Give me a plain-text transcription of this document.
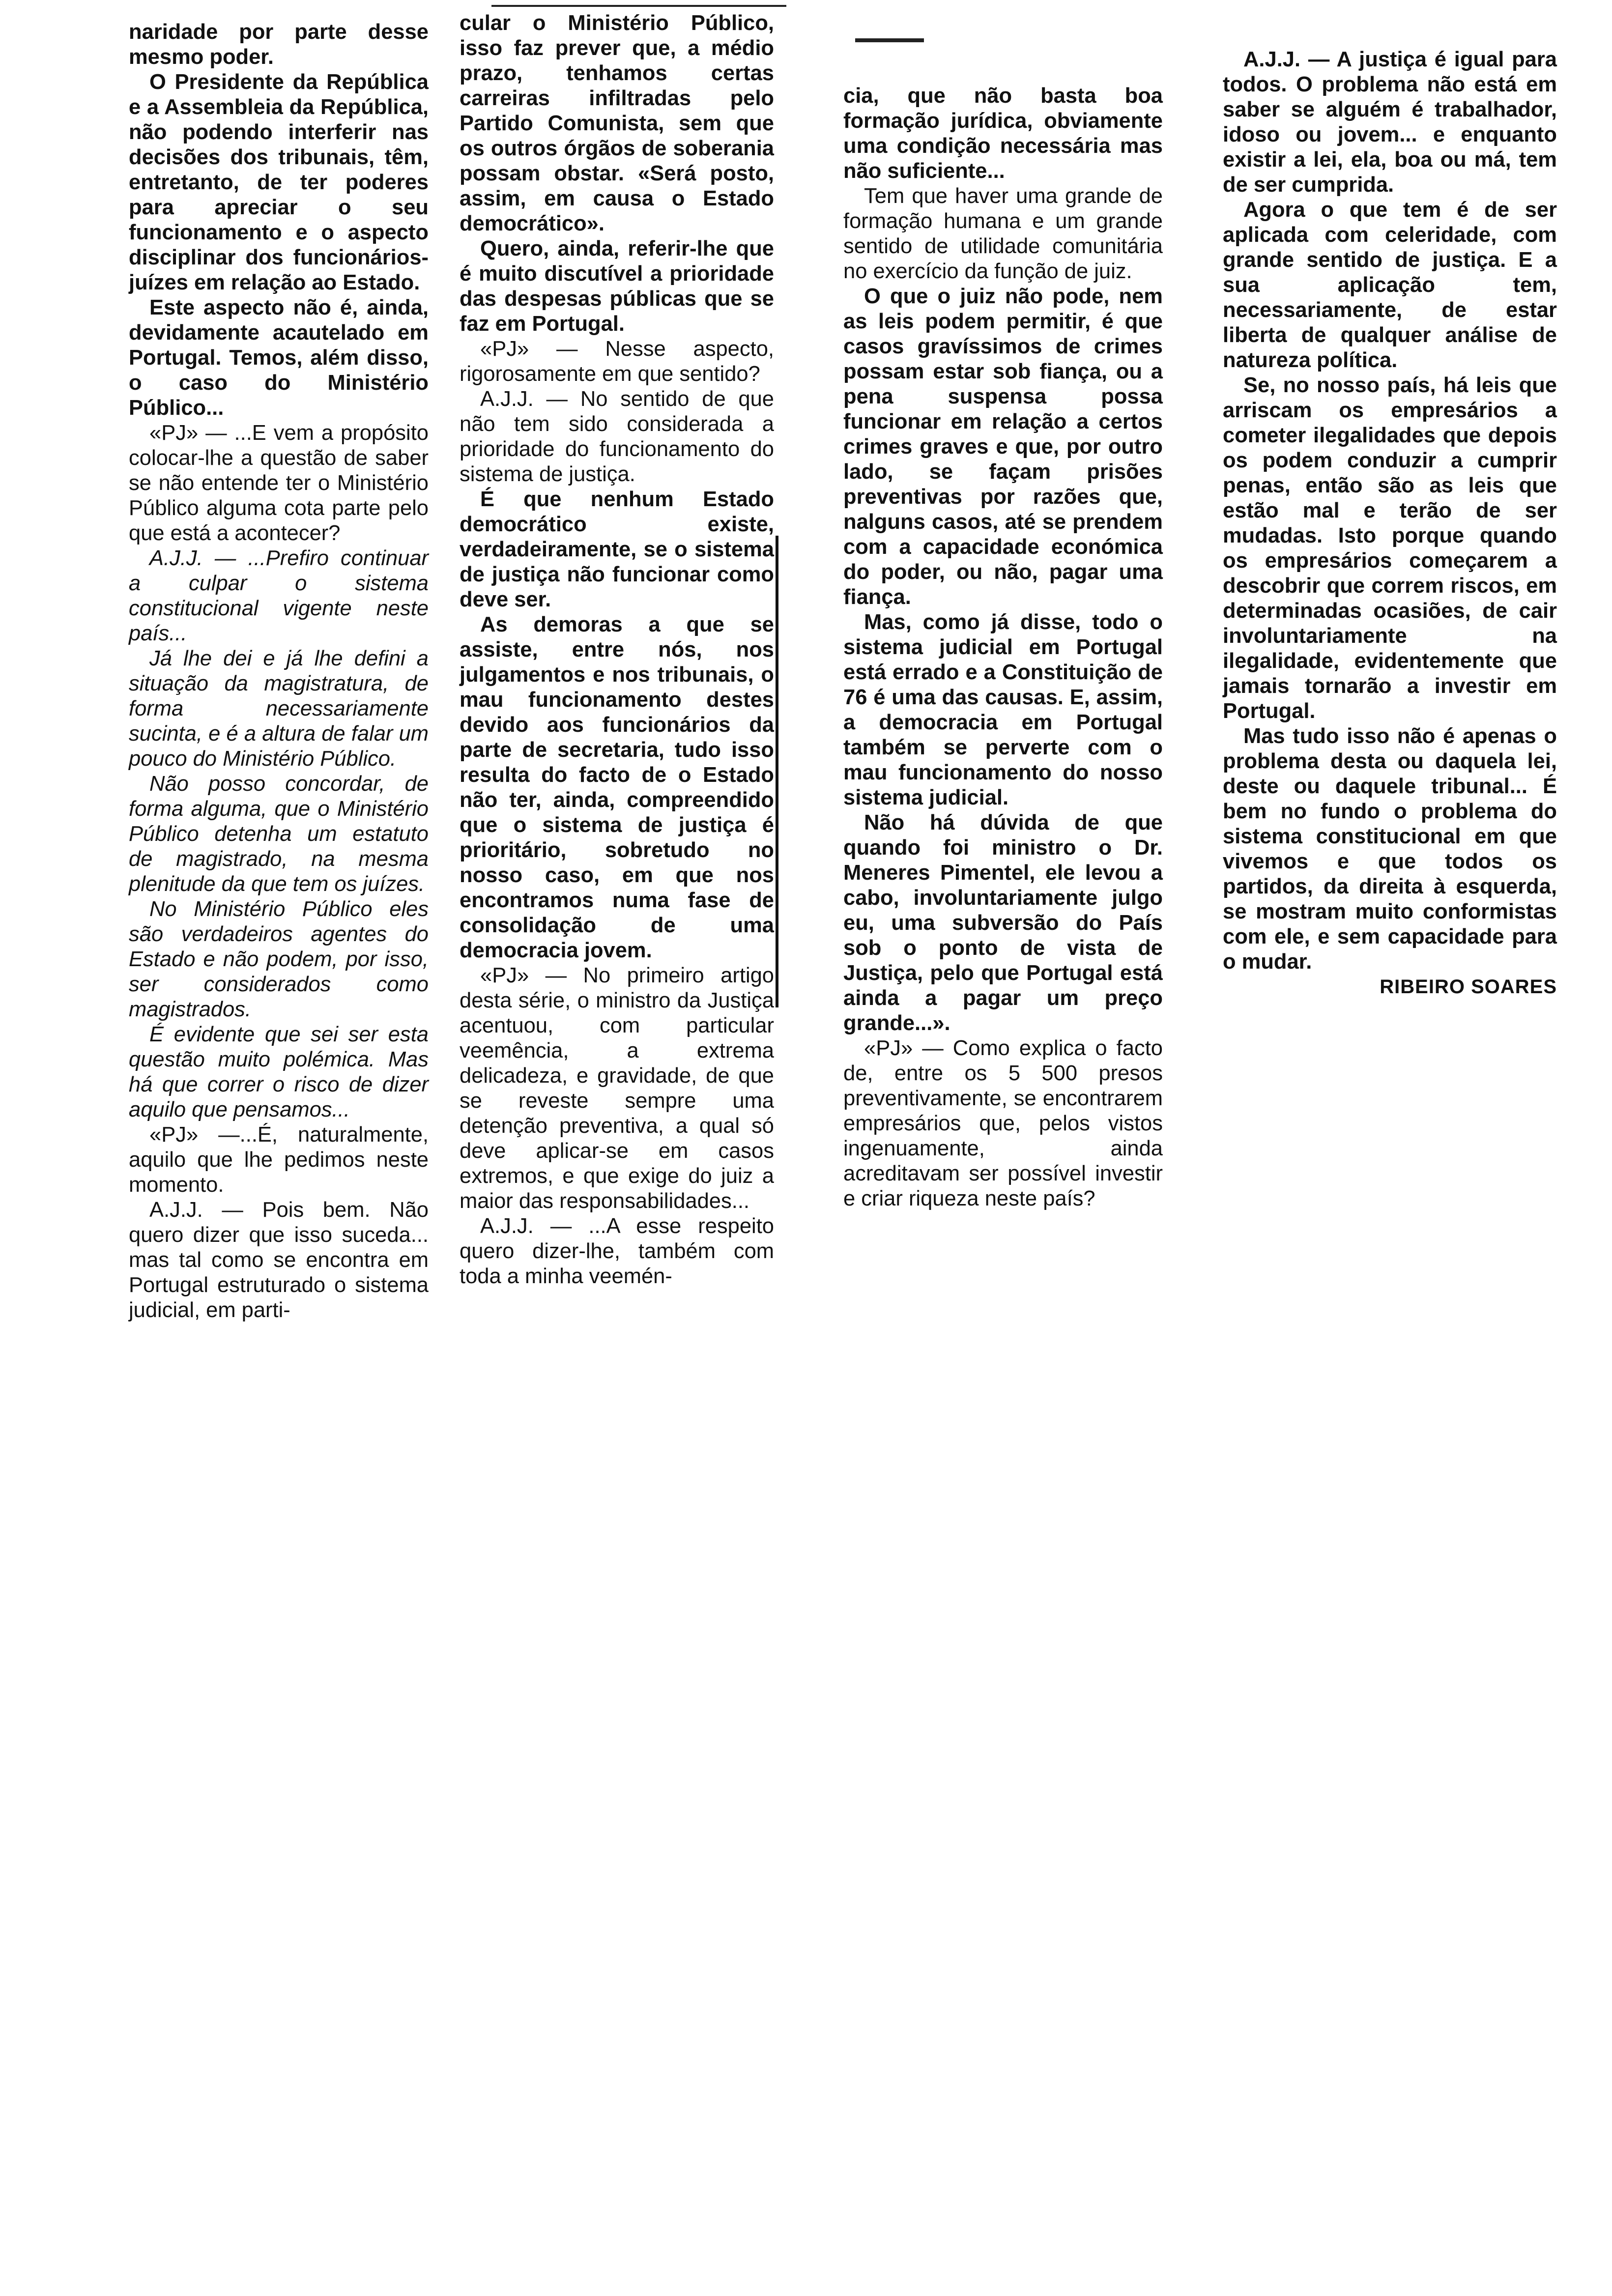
naridade por parte desse mesmo poder.

O Presidente da República e a Assembleia da República, não podendo interferir nas decisões dos tribunais, têm, entretanto, de ter poderes para apreciar o seu funcionamento e o aspecto disciplinar dos funcionários-juízes em relação ao Estado.

Este aspecto não é, ainda, devidamente acautelado em Portugal. Temos, além disso, o caso do Ministério Público...

«PJ» — ...E vem a propósito colocar-lhe a questão de saber se não entende ter o Ministério Público alguma cota parte pelo que está a acontecer?

A.J.J. — ...Prefiro continuar a culpar o sistema constitucional vigente neste país...

Já lhe dei e já lhe defini a situação da magistratura, de forma necessariamente sucinta, e é a altura de falar um pouco do Ministério Público.

Não posso concordar, de forma alguma, que o Ministério Público detenha um estatuto de magistrado, na mesma plenitude da que tem os juízes.

No Ministério Público eles são verdadeiros agentes do Estado e não podem, por isso, ser considerados como magistrados.

É evidente que sei ser esta questão muito polémica. Mas há que correr o risco de dizer aquilo que pensamos...

«PJ» —...É, naturalmente, aquilo que lhe pedimos neste momento.

A.J.J. — Pois bem. Não quero dizer que isso suceda... mas tal como se encontra em Portugal estruturado o sistema judicial, em parti-

cular o Ministério Público, isso faz prever que, a médio prazo, tenhamos certas carreiras infiltradas pelo Partido Comunista, sem que os outros órgãos de soberania possam obstar. «Será posto, assim, em causa o Estado democrático».

Quero, ainda, referir-lhe que é muito discutível a prioridade das despesas públicas que se faz em Portugal.

«PJ» — Nesse aspecto, rigorosamente em que sentido?

A.J.J. — No sentido de que não tem sido considerada a prioridade do funcionamento do sistema de justiça.

É que nenhum Estado democrático existe, verdadeiramente, se o sistema de justiça não funcionar como deve ser.

As demoras a que se assiste, entre nós, nos julgamentos e nos tribunais, o mau funcionamento destes devido aos funcionários da parte de secretaria, tudo isso resulta do facto de o Estado não ter, ainda, compreendido que o sistema de justiça é prioritário, sobretudo no nosso caso, em que nos encontramos numa fase de consolidação de uma democracia jovem.

«PJ» — No primeiro artigo desta série, o ministro da Justiça acentuou, com particular veemência, a extrema delicadeza, e gravidade, de que se reveste sempre uma detenção preventiva, a qual só deve aplicar-se em casos extremos, e que exige do juiz a maior das responsabilidades...

A.J.J. — ...A esse respeito quero dizer-lhe, também com toda a minha veemén-

cia, que não basta boa formação jurídica, obviamente uma condição necessária mas não suficiente...

Tem que haver uma grande de formação humana e um grande sentido de utilidade comunitária no exercício da função de juiz.

O que o juiz não pode, nem as leis podem permitir, é que casos gravíssimos de crimes possam estar sob fiança, ou a pena suspensa possa funcionar em relação a certos crimes graves e que, por outro lado, se façam prisões preventivas por razões que, nalguns casos, até se prendem com a capacidade económica do poder, ou não, pagar uma fiança.

Mas, como já disse, todo o sistema judicial em Portugal está errado e a Constituição de 76 é uma das causas. E, assim, a democracia em Portugal também se perverte com o mau funcionamento do nosso sistema judicial.

Não há dúvida de que quando foi ministro o Dr. Meneres Pimentel, ele levou a cabo, involuntariamente julgo eu, uma subversão do País sob o ponto de vista de Justiça, pelo que Portugal está ainda a pagar um preço grande...».

«PJ» — Como explica o facto de, entre os 5 500 presos preventivamente, se encontrarem empresários que, pelos vistos ingenuamente, ainda acreditavam ser possível investir e criar riqueza neste país?

A.J.J. — A justiça é igual para todos. O problema não está em saber se alguém é trabalhador, idoso ou jovem... e enquanto existir a lei, ela, boa ou má, tem de ser cumprida.

Agora o que tem é de ser aplicada com celeridade, com grande sentido de justiça. E a sua aplicação tem, necessariamente, de estar liberta de qualquer análise de natureza política.

Se, no nosso país, há leis que arriscam os empresários a cometer ilegalidades que depois os podem conduzir a cumprir penas, então são as leis que estão mal e terão de ser mudadas. Isto porque quando os empresários começarem a descobrir que correm riscos, em determinadas ocasiões, de cair involuntariamente na ilegalidade, evidentemente que jamais tornarão a investir em Portugal.

Mas tudo isso não é apenas o problema desta ou daquela lei, deste ou daquele tribunal... É bem no fundo o problema do sistema constitucional em que vivemos e que todos os partidos, da direita à esquerda, se mostram muito conformistas com ele, e sem capacidade para o mudar.

RIBEIRO SOARES
